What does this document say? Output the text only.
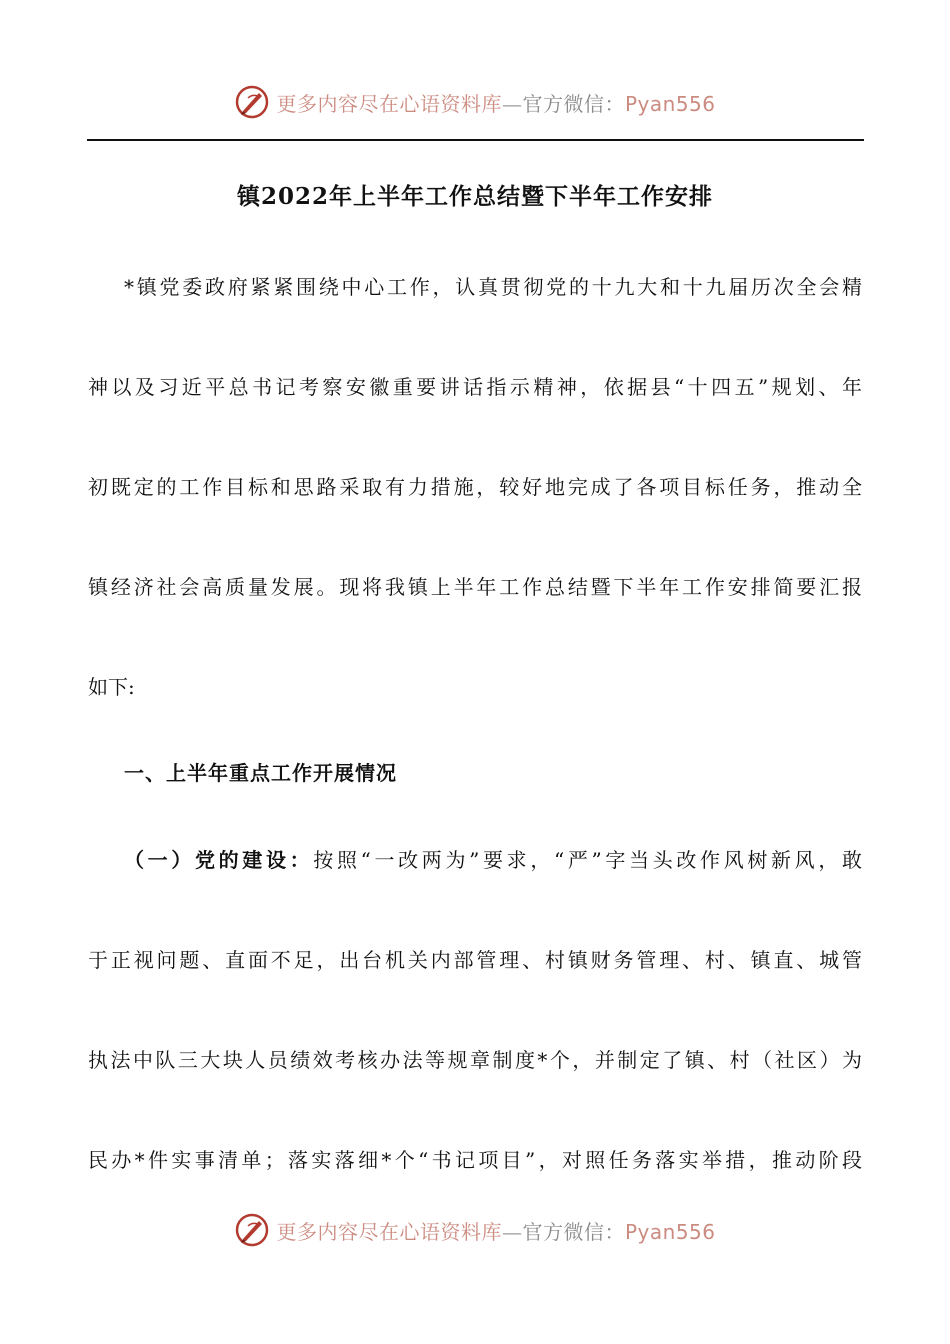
更多内容尽在心语资料库—官方微信：Pyan556
镇2022年上半年工作总结暨下半年工作安排
*镇党委政府紧紧围绕中心工作，认真贯彻党的十九大和十九届历次全会精
神以及习近平总书记考察安徽重要讲话指示精神，依据县“十四五”规划、年
初既定的工作目标和思路采取有力措施，较好地完成了各项目标任务，推动全
镇经济社会高质量发展。现将我镇上半年工作总结暨下半年工作安排简要汇报
如下:
一、上半年重点工作开展情况
（一）党的建设：按照“一改两为”要求，“严”字当头改作风树新风，敢
于正视问题、直面不足，出台机关内部管理、村镇财务管理、村、镇直、城管
执法中队三大块人员绩效考核办法等规章制度*个，并制定了镇、村（社区）为
民办*件实事清单；落实落细*个“书记项目”，对照任务落实举措，推动阶段
更多内容尽在心语资料库—官方微信：Pyan556
